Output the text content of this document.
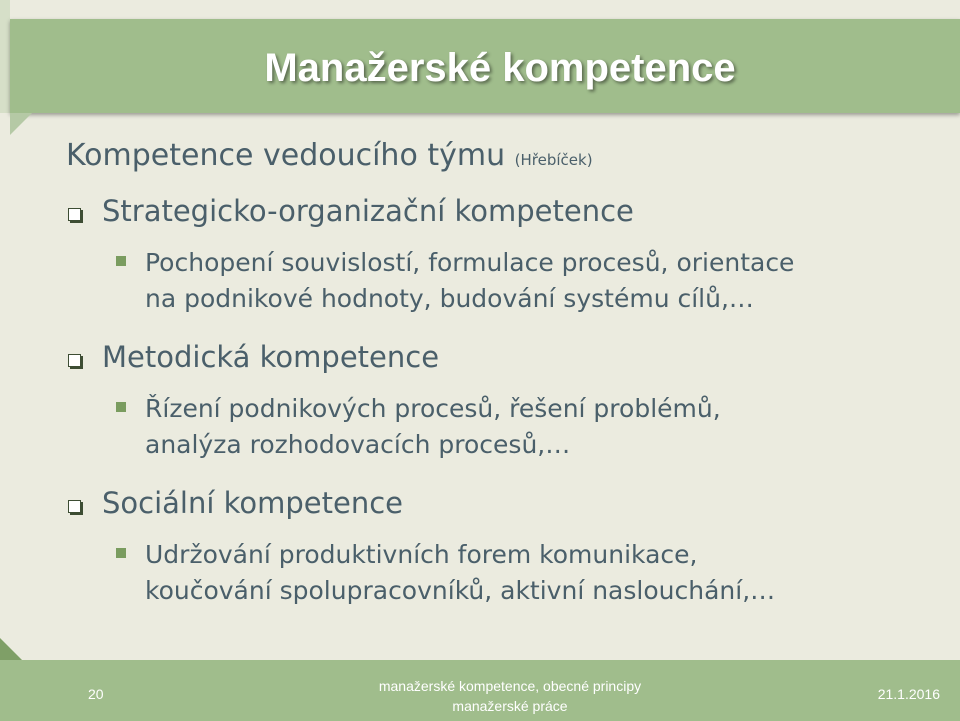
Manažerské kompetence
Kompetence vedoucího týmu (Hřebíček)
Strategicko-organizační kompetence
Pochopení souvislostí, formulace procesů, orientace
na podnikové hodnoty, budování systému cílů,…
Metodická kompetence
Řízení podnikových procesů, řešení problémů,
analýza rozhodovacích procesů,…
Sociální kompetence
Udržování produktivních forem komunikace,
koučování spolupracovníků, aktivní naslouchání,…
20	manažerské kompetence, obecné principy
manažerské práce
21.1.2016
